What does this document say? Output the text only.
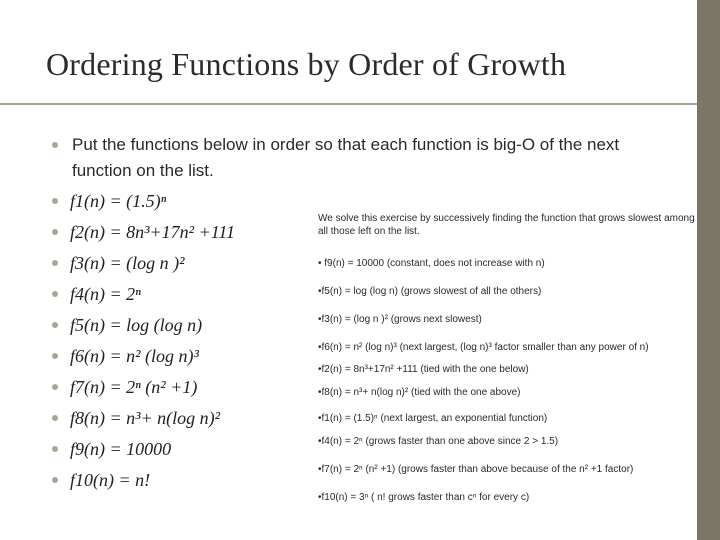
Ordering Functions by Order of Growth
Put the functions below in order so that each function is big-O of the next function on the list.
f1(n) = (1.5)ⁿ
f2(n) = 8n³+17n² +111
f3(n) = (log n )²
f4(n) = 2ⁿ
f5(n) = log (log n)
f6(n) = n² (log n)³
f7(n) = 2ⁿ (n² +1)
f8(n) = n³+ n(log n)²
f9(n) = 10000
f10(n) = n!
We solve this exercise by successively finding the function that grows slowest among all those left on the list.
• f9(n) = 10000 (constant, does not increase with n)
•f5(n) = log (log n) (grows slowest of all the others)
•f3(n) = (log n )² (grows next slowest)
•f6(n) = n² (log n)³ (next largest, (log n)³ factor smaller than any power of n)
•f2(n) = 8n³+17n² +111 (tied with the one below)
•f8(n) = n³+ n(log n)² (tied with the one above)
•f1(n) = (1.5)ⁿ (next largest, an exponential function)
•f4(n) = 2ⁿ (grows faster than one above since 2 > 1.5)
•f7(n) = 2ⁿ (n² +1) (grows faster than above because of the n² +1 factor)
•f10(n) = 3ⁿ ( n! grows faster than cⁿ for every c)
